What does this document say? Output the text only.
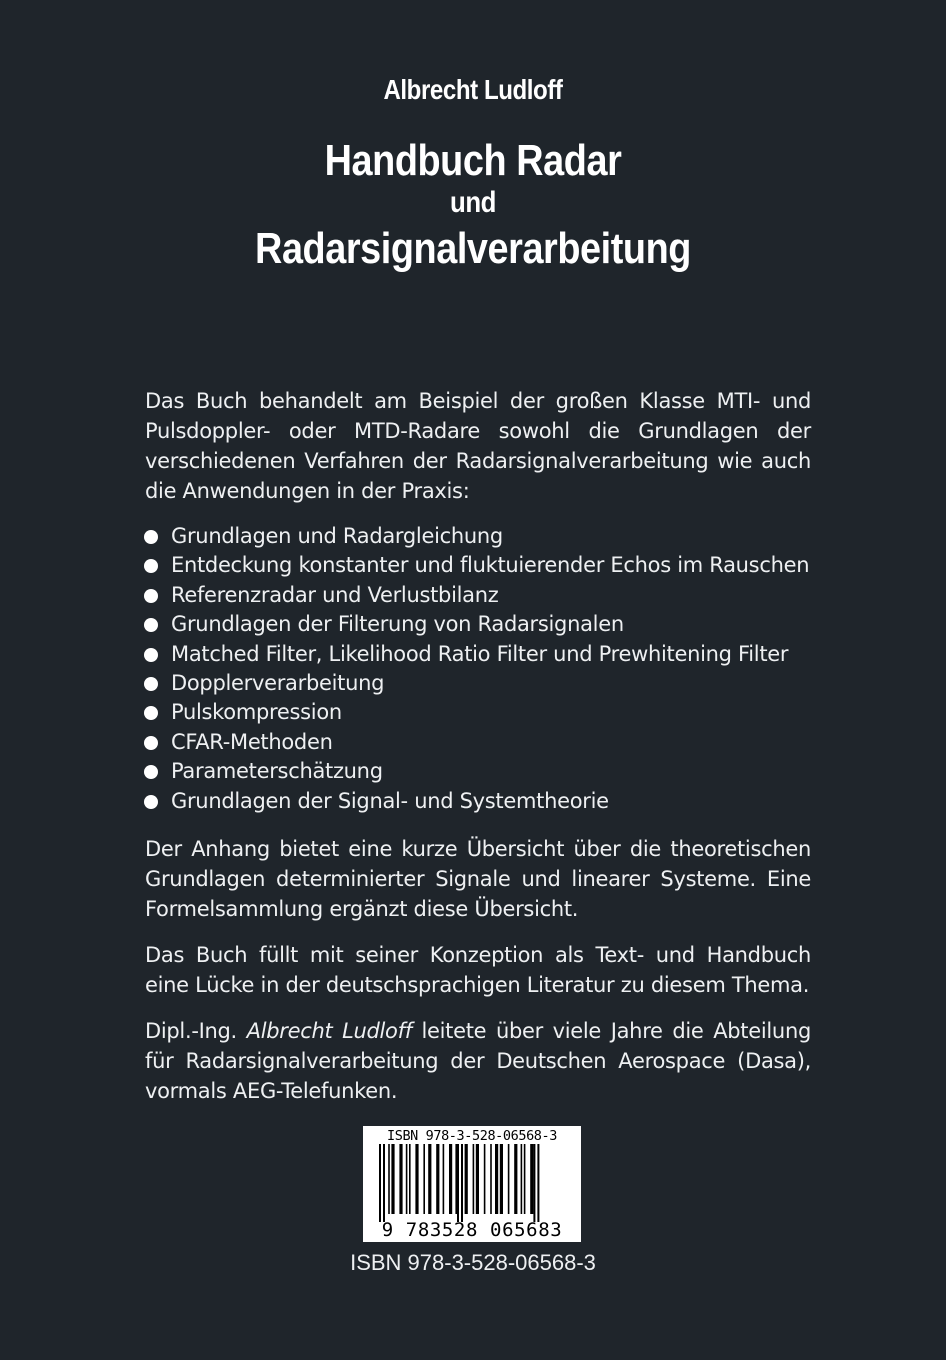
Albrecht Ludloff
Handbuch Radar
und
Radarsignalverarbeitung
Das Buch behandelt am Beispiel der großen Klasse MTI- und Pulsdoppler- oder MTD-Radare sowohl die Grundlagen der verschiedenen Verfahren der Radarsignalverarbeitung wie auch die Anwendungen in der Praxis:
Grundlagen und Radargleichung
Entdeckung konstanter und fluktuierender Echos im Rauschen
Referenzradar und Verlustbilanz
Grundlagen der Filterung von Radarsignalen
Matched Filter, Likelihood Ratio Filter und Prewhitening Filter
Dopplerverarbeitung
Pulskompression
CFAR-Methoden
Parameterschätzung
Grundlagen der Signal- und Systemtheorie
Der Anhang bietet eine kurze Übersicht über die theoretischen Grundlagen determinierter Signale und linearer Systeme. Eine Formelsammlung ergänzt diese Übersicht.
Das Buch füllt mit seiner Konzeption als Text- und Handbuch eine Lücke in der deutschsprachigen Literatur zu diesem Thema.
Dipl.-Ing. Albrecht Ludloff leitete über viele Jahre die Abteilung für Radarsignalverarbeitung der Deutschen Aerospace (Dasa), vormals AEG-Telefunken.
ISBN 978-3-528-06568-3
9 783528 065683
ISBN 978-3-528-06568-3
